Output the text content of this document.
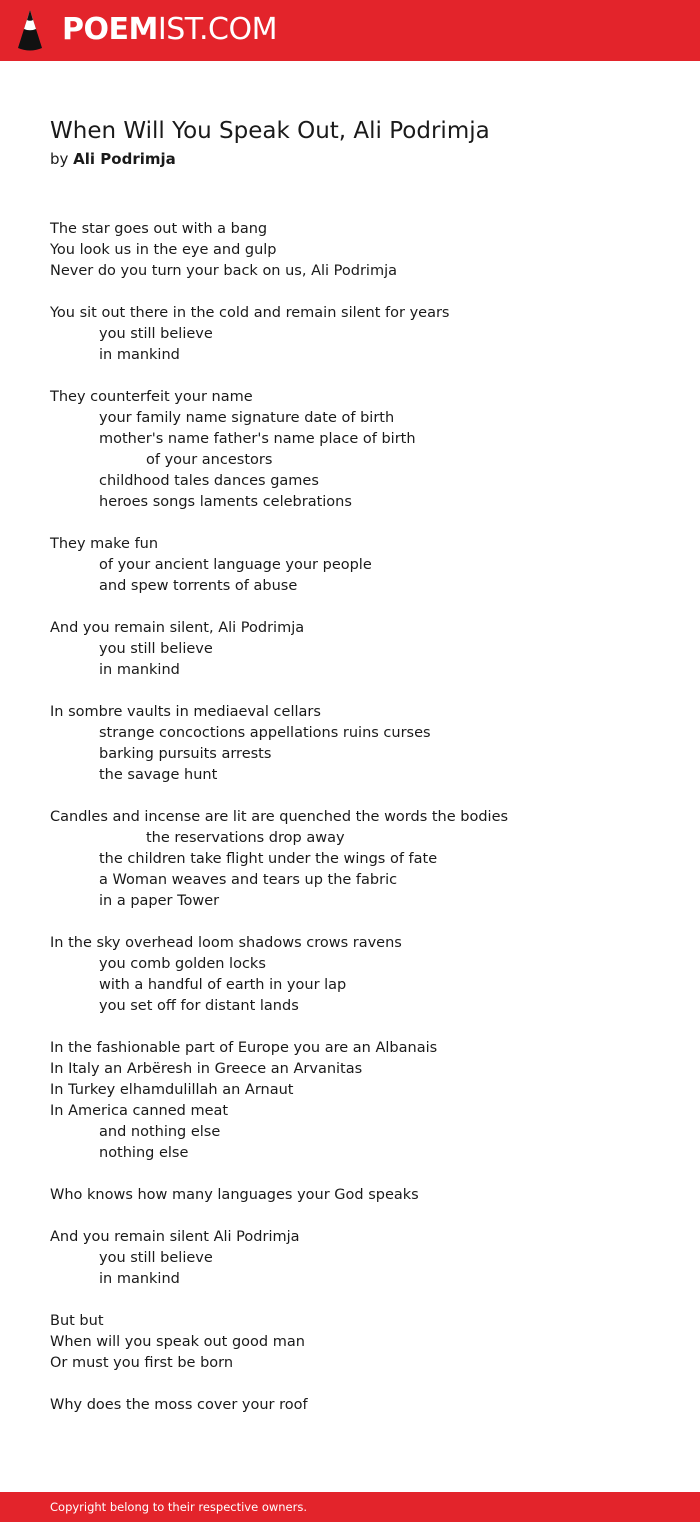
POEMIST.COM
When Will You Speak Out, Ali Podrimja
by Ali Podrimja
The star goes out with a bang
You look us in the eye and gulp
Never do you turn your back on us, Ali Podrimja
You sit out there in the cold and remain silent for years
you still believe
in mankind
They counterfeit your name
your family name signature date of birth
mother's name father's name place of birth
of your ancestors
childhood tales dances games
heroes songs laments celebrations
They make fun
of your ancient language your people
and spew torrents of abuse
And you remain silent, Ali Podrimja
you still believe
in mankind
In sombre vaults in mediaeval cellars
strange concoctions appellations ruins curses
barking pursuits arrests
the savage hunt
Candles and incense are lit are quenched the words the bodies
the reservations drop away
the children take flight under the wings of fate
a Woman weaves and tears up the fabric
in a paper Tower
In the sky overhead loom shadows crows ravens
you comb golden locks
with a handful of earth in your lap
you set off for distant lands
In the fashionable part of Europe you are an Albanais
In Italy an Arbëresh in Greece an Arvanitas
In Turkey elhamdulillah an Arnaut
In America canned meat
and nothing else
nothing else
Who knows how many languages your God speaks
And you remain silent Ali Podrimja
you still believe
in mankind
But but
When will you speak out good man
Or must you first be born
Why does the moss cover your roof
Copyright belong to their respective owners.
